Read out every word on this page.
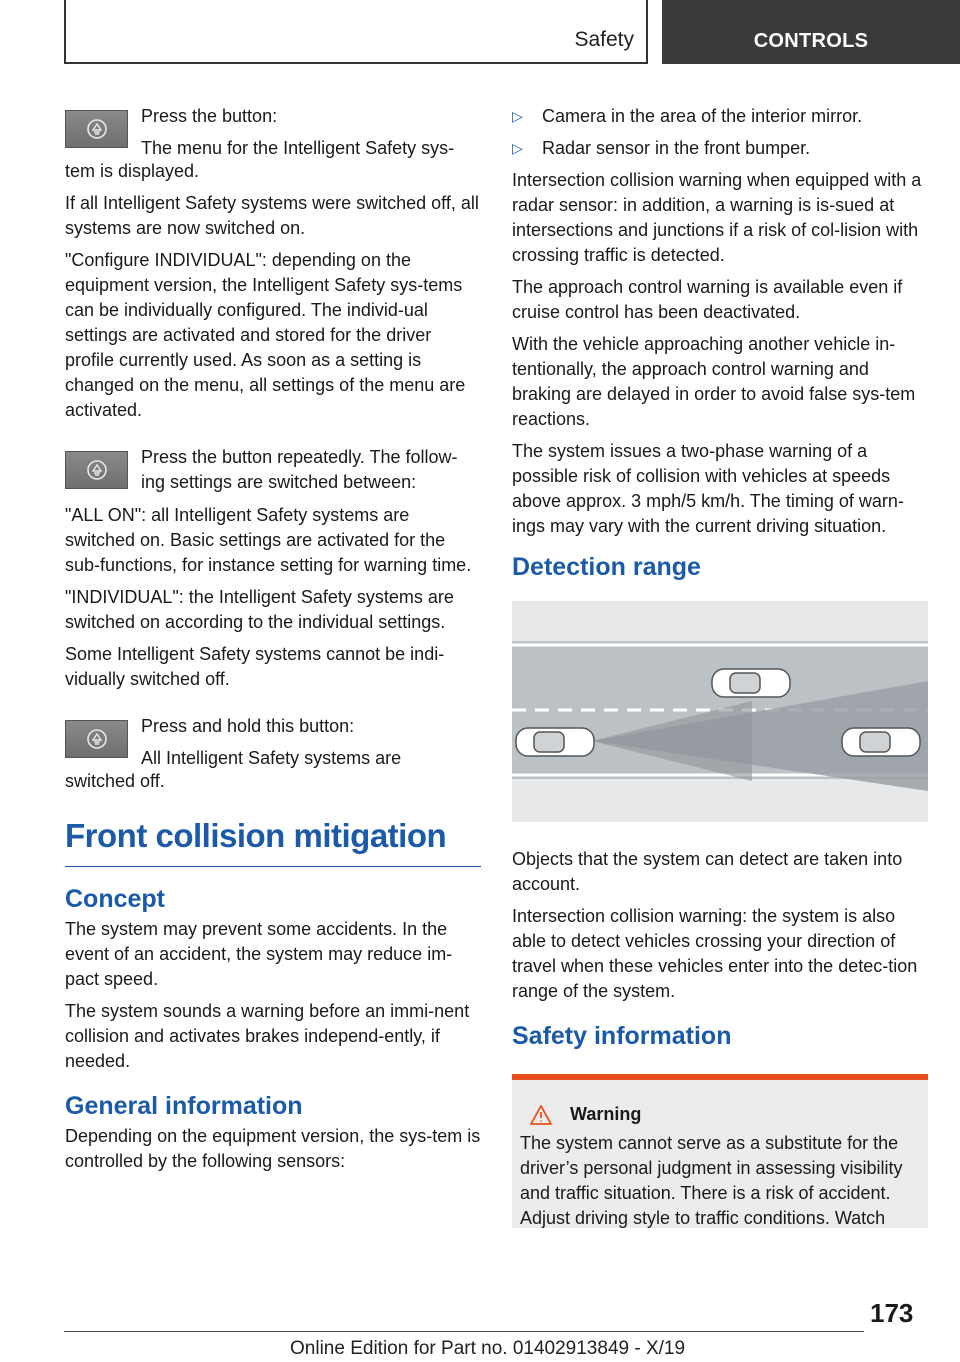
Safety	CONTROLS

Press the button:

The menu for the Intelligent Safety sys-

tem is displayed.

If all Intelligent Safety systems were switched off, all systems are now switched on.

"Configure INDIVIDUAL": depending on the equipment version, the Intelligent Safety sys-tems can be individually configured. The individ-ual settings are activated and stored for the driver profile currently used. As soon as a setting is changed on the menu, all settings of the menu are activated.

Press the button repeatedly. The follow-ing settings are switched between:

"ALL ON": all Intelligent Safety systems are switched on. Basic settings are activated for the sub-functions, for instance setting for warning time.

"INDIVIDUAL": the Intelligent Safety systems are switched on according to the individual settings.

Some Intelligent Safety systems cannot be indi-vidually switched off.

Press and hold this button:

All Intelligent Safety systems are

switched off.

Front collision mitigation
Concept

The system may prevent some accidents. In the event of an accident, the system may reduce im-pact speed.

The system sounds a warning before an immi-nent collision and activates brakes independ-ently, if needed.

General information

Depending on the equipment version, the sys-tem is controlled by the following sensors:

▷ Camera in the area of the interior mirror.
▷ Radar sensor in the front bumper.

Intersection collision warning when equipped with a radar sensor: in addition, a warning is is-sued at intersections and junctions if a risk of col-lision with crossing traffic is detected.

The approach control warning is available even if cruise control has been deactivated.

With the vehicle approaching another vehicle in-tentionally, the approach control warning and braking are delayed in order to avoid false sys-tem reactions.

The system issues a two-phase warning of a possible risk of collision with vehicles at speeds above approx. 3 mph/5 km/h. The timing of warn-ings may vary with the current driving situation.

Detection range

Objects that the system can detect are taken into account.

Intersection collision warning: the system is also able to detect vehicles crossing your direction of travel when these vehicles enter into the detec-tion range of the system.

Safety information
Warning

The system cannot serve as a substitute for the driver’s personal judgment in assessing visibility and traffic situation. There is a risk of accident. Adjust driving style to traffic conditions. Watch

173
Online Edition for Part no. 01402913849 - X/19
